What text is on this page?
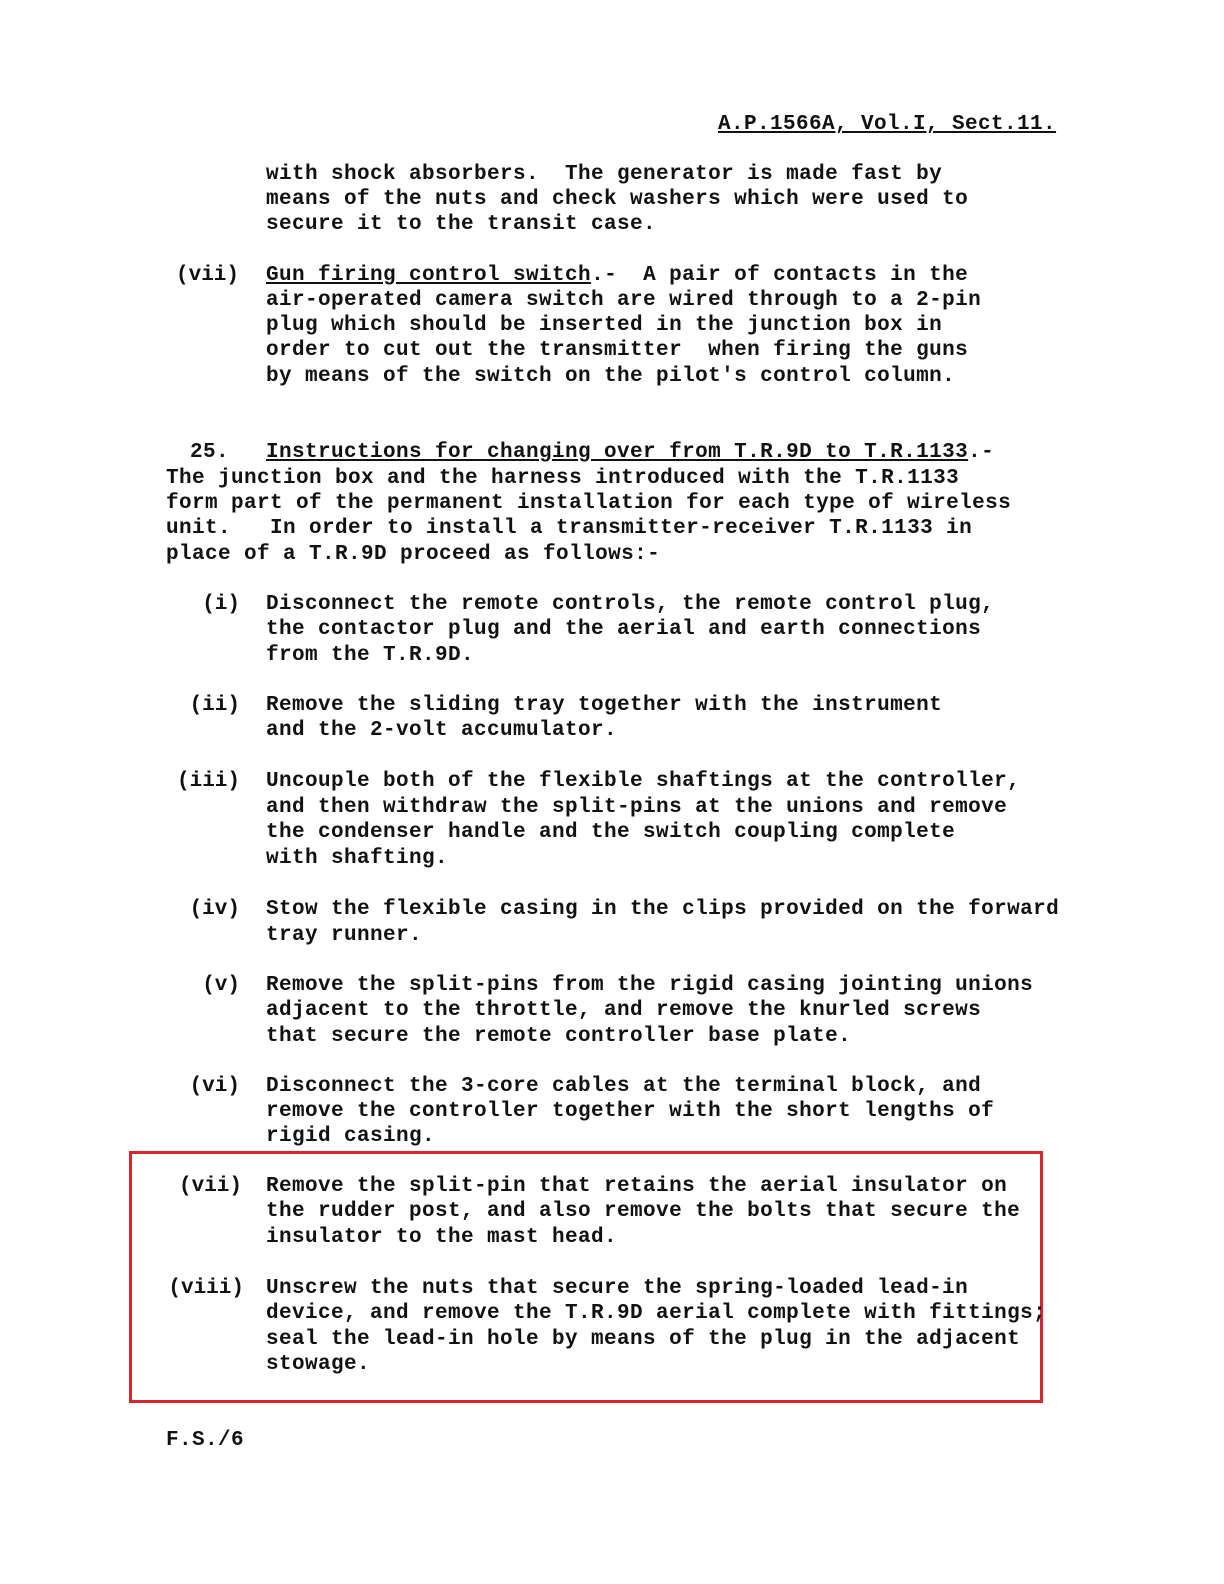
A.P.1566A, Vol.I, Sect.11.
with shock absorbers.  The generator is made fast by
means of the nuts and check washers which were used to
secure it to the transit case.
(vii)	Gun firing control switch.-  A pair of contacts in the
air-operated camera switch are wired through to a 2-pin
plug which should be inserted in the junction box in
order to cut out the transmitter  when firing the guns
by means of the switch on the pilot's control column.
25. Instructions for changing over from T.R.9D to T.R.1133.-
The junction box and the harness introduced with the T.R.1133
form part of the permanent installation for each type of wireless
unit.   In order to install a transmitter-receiver T.R.1133 in
place of a T.R.9D proceed as follows:-
(i) Disconnect the remote controls, the remote control plug,
the contactor plug and the aerial and earth connections
from the T.R.9D.
(ii) Remove the sliding tray together with the instrument
and the 2-volt accumulator.
(iii) Uncouple both of the flexible shaftings at the controller,
and then withdraw the split-pins at the unions and remove
the condenser handle and the switch coupling complete
with shafting.
(iv) Stow the flexible casing in the clips provided on the forward
tray runner.
(v) Remove the split-pins from the rigid casing jointing unions
adjacent to the throttle, and remove the knurled screws
that secure the remote controller base plate.
(vi) Disconnect the 3-core cables at the terminal block, and
remove the controller together with the short lengths of
rigid casing.
(vii) Remove the split-pin that retains the aerial insulator on
the rudder post, and also remove the bolts that secure the
insulator to the mast head.
(viii) Unscrew the nuts that secure the spring-loaded lead-in
device, and remove the T.R.9D aerial complete with fittings;
seal the lead-in hole by means of the plug in the adjacent
stowage.
F.S./6
